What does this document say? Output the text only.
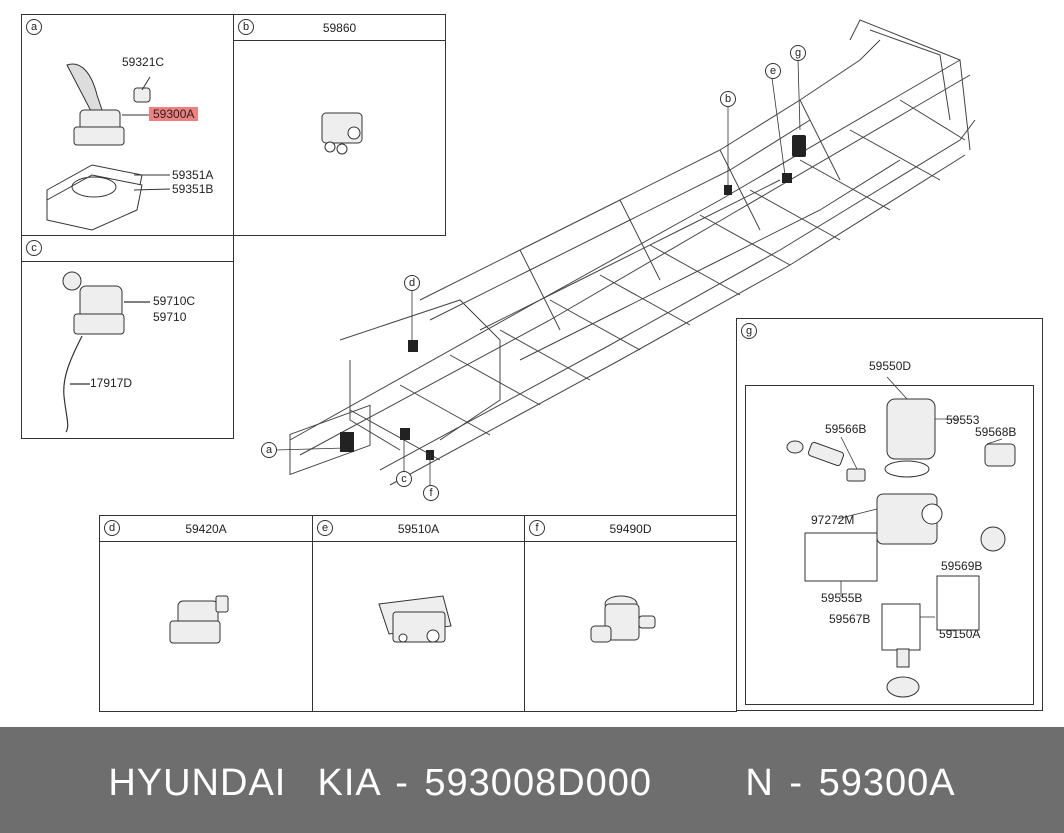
b
e
g
d
a
c
f
a
59321C
59300A
59351A
59351B
b	59860
c
59710C
59710
17917D
d	59420A	e	59510A	f	59490D
g
59550D
59553
59566B	59568B
97272M
59569B
59555B
59567B
59150A
HYUNDAI KIA - 593008D000 N - 59300A
